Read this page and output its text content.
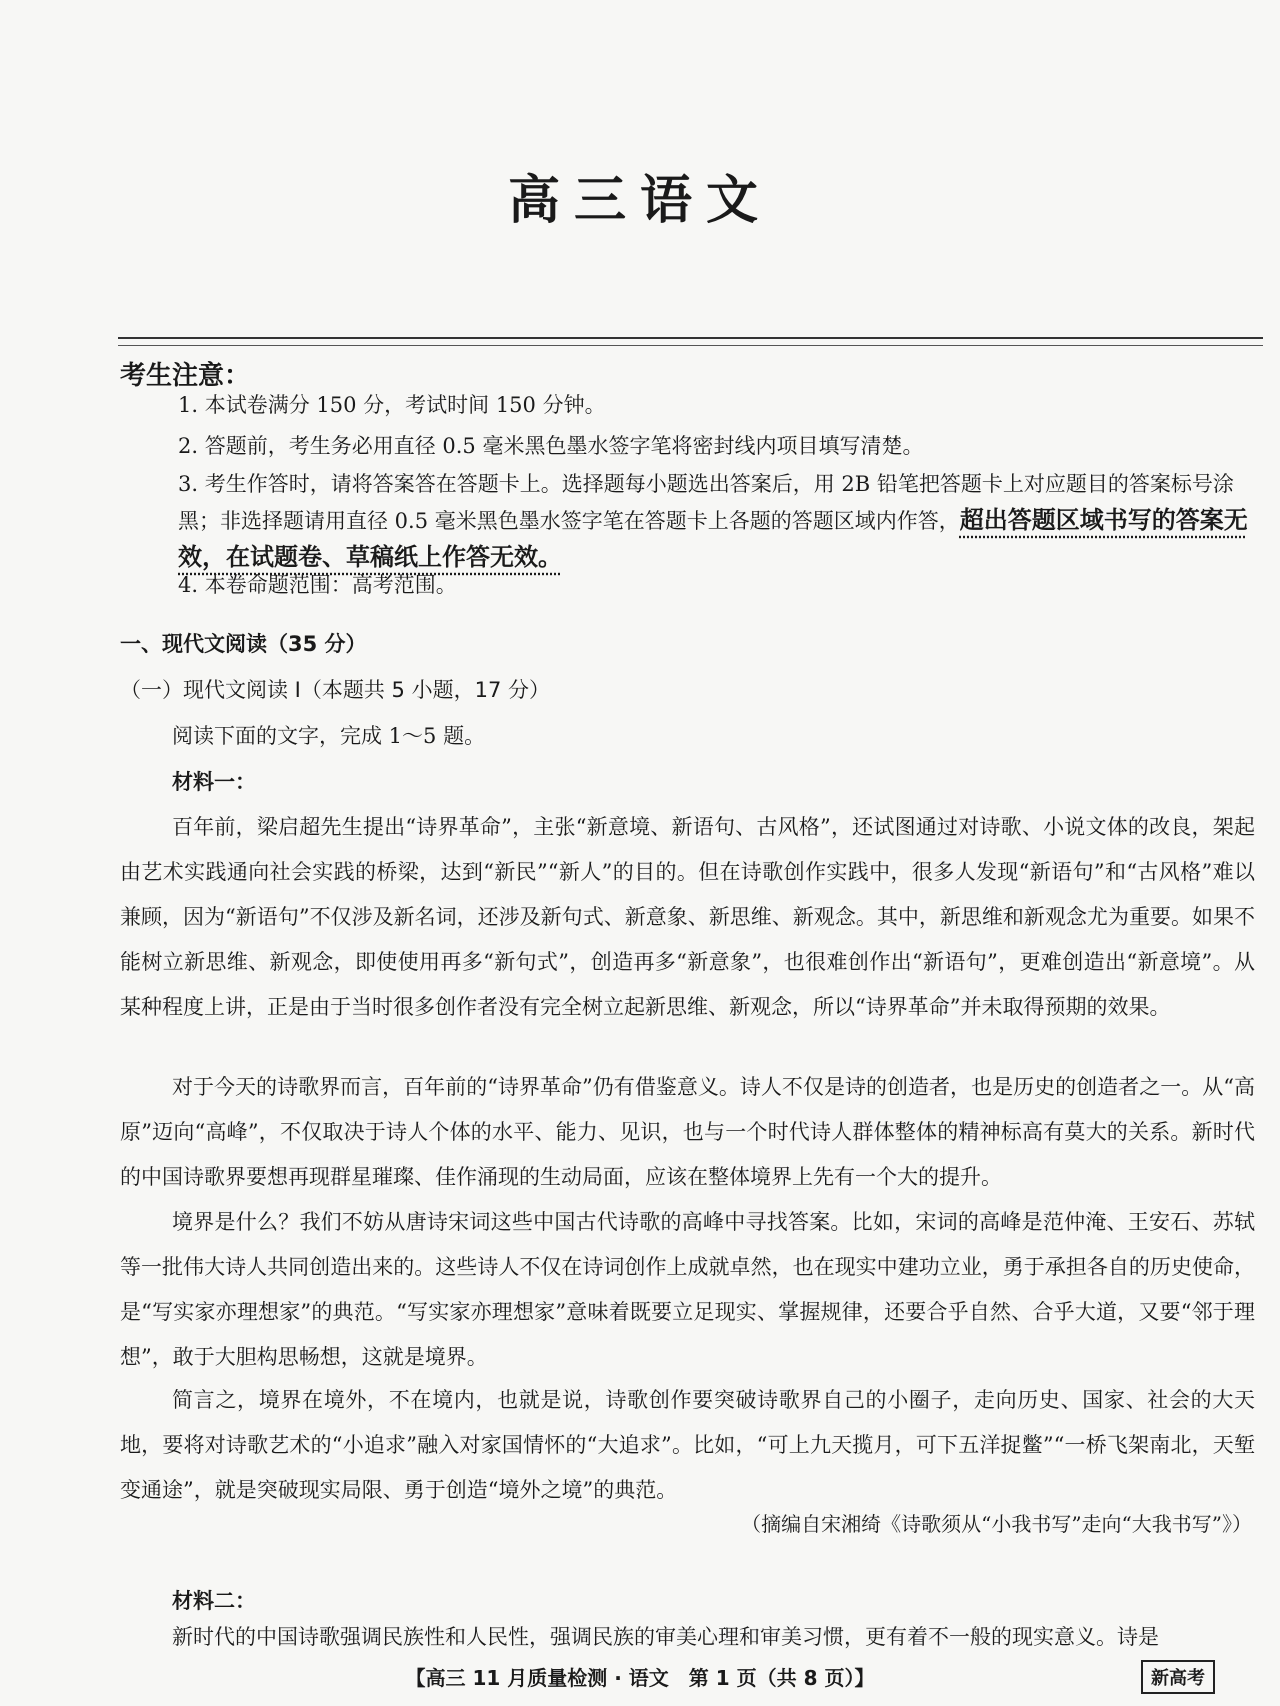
高三语文
考生注意：
1. 本试卷满分 150 分，考试时间 150 分钟。
2. 答题前，考生务必用直径 0.5 毫米黑色墨水签字笔将密封线内项目填写清楚。
3. 考生作答时，请将答案答在答题卡上。选择题每小题选出答案后，用 2B 铅笔把答题卡上对应题目的答案标号涂黑；非选择题请用直径 0.5 毫米黑色墨水签字笔在答题卡上各题的答题区域内作答，超出答题区域书写的答案无效，在试题卷、草稿纸上作答无效。
4. 本卷命题范围：高考范围。
一、现代文阅读（35 分）
（一）现代文阅读 I（本题共 5 小题，17 分）
阅读下面的文字，完成 1～5 题。
材料一：
百年前，梁启超先生提出“诗界革命”，主张“新意境、新语句、古风格”，还试图通过对诗歌、小说文体的改良，架起由艺术实践通向社会实践的桥梁，达到“新民”“新人”的目的。但在诗歌创作实践中，很多人发现“新语句”和“古风格”难以兼顾，因为“新语句”不仅涉及新名词，还涉及新句式、新意象、新思维、新观念。其中，新思维和新观念尤为重要。如果不能树立新思维、新观念，即使使用再多“新句式”，创造再多“新意象”，也很难创作出“新语句”，更难创造出“新意境”。从某种程度上讲，正是由于当时很多创作者没有完全树立起新思维、新观念，所以“诗界革命”并未取得预期的效果。
对于今天的诗歌界而言，百年前的“诗界革命”仍有借鉴意义。诗人不仅是诗的创造者，也是历史的创造者之一。从“高原”迈向“高峰”，不仅取决于诗人个体的水平、能力、见识，也与一个时代诗人群体整体的精神标高有莫大的关系。新时代的中国诗歌界要想再现群星璀璨、佳作涌现的生动局面，应该在整体境界上先有一个大的提升。
境界是什么？我们不妨从唐诗宋词这些中国古代诗歌的高峰中寻找答案。比如，宋词的高峰是范仲淹、王安石、苏轼等一批伟大诗人共同创造出来的。这些诗人不仅在诗词创作上成就卓然，也在现实中建功立业，勇于承担各自的历史使命，是“写实家亦理想家”的典范。“写实家亦理想家”意味着既要立足现实、掌握规律，还要合乎自然、合乎大道，又要“邻于理想”，敢于大胆构思畅想，这就是境界。
简言之，境界在境外，不在境内，也就是说，诗歌创作要突破诗歌界自己的小圈子，走向历史、国家、社会的大天地，要将对诗歌艺术的“小追求”融入对家国情怀的“大追求”。比如，“可上九天揽月，可下五洋捉鳖”“一桥飞架南北，天堑变通途”，就是突破现实局限、勇于创造“境外之境”的典范。
（摘编自宋湘绮《诗歌须从“小我书写”走向“大我书写”》）
材料二：
新时代的中国诗歌强调民族性和人民性，强调民族的审美心理和审美习惯，更有着不一般的现实意义。诗是
【高三 11 月质量检测 · 语文　第 1 页（共 8 页）】	新高考
